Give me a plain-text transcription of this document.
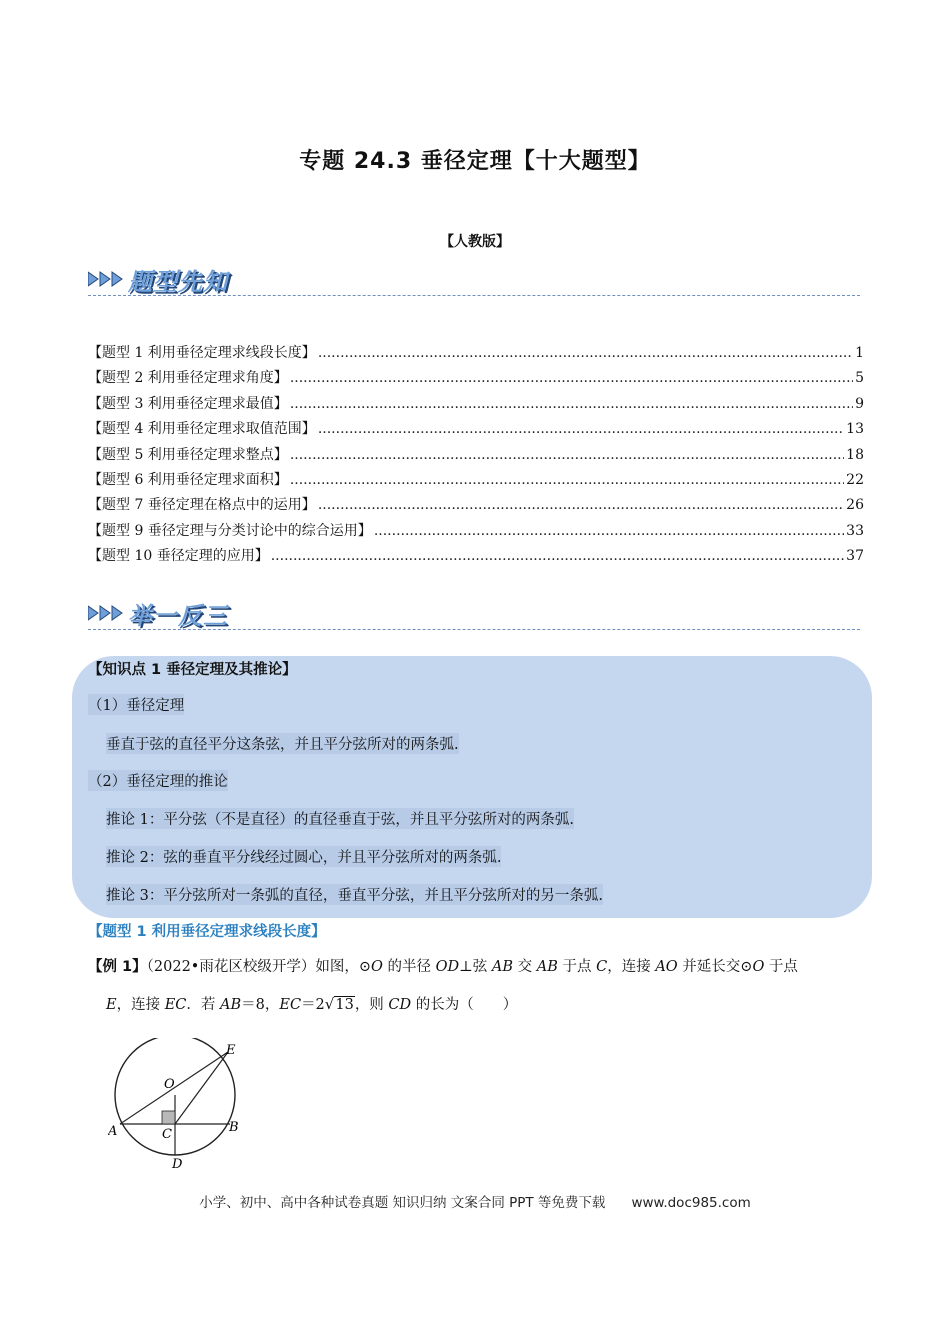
专题 24.3 垂径定理【十大题型】
【人教版】
题型先知
【题型 1 利用垂径定理求线段长度】 .....	1
【题型 2 利用垂径定理求角度】 .....	5
【题型 3 利用垂径定理求最值】 .....	9
【题型 4 利用垂径定理求取值范围】 .....	13
【题型 5 利用垂径定理求整点】 .....	18
【题型 6 利用垂径定理求面积】 .....	22
【题型 7 垂径定理在格点中的运用】 .....	26
【题型 9 垂径定理与分类讨论中的综合运用】 .....	33
【题型 10 垂径定理的应用】 .....	37
举一反三
【知识点 1 垂径定理及其推论】
（1）垂径定理
垂直于弦的直径平分这条弦，并且平分弦所对的两条弧.
（2）垂径定理的推论
推论 1：平分弦（不是直径）的直径垂直于弦，并且平分弦所对的两条弧.
推论 2：弦的垂直平分线经过圆心，并且平分弦所对的两条弧.
推论 3：平分弦所对一条弧的直径，垂直平分弦，并且平分弦所对的另一条弧.
【题型 1 利用垂径定理求线段长度】
【例 1】（2022•雨花区校级开学）如图，⊙O 的半径 OD⊥弦 AB 交 AB 于点 C，连接 AO 并延长交⊙O 于点
E，连接 EC．若 AB＝8，EC＝2√13，则 CD 的长为（　　）
A	B
C
D
E
O
小学、初中、高中各种试卷真题 知识归纳 文案合同 PPT 等免费下载 www.doc985.com
